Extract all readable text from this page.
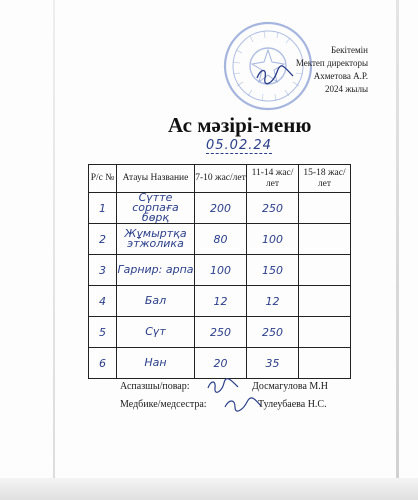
Бекітемін
Мектеп директоры
Ахметова А.Р.
2024 жылы
Ас мәзірі-меню
05.02.24
Р/с №	Атауы Название	7-10 жас/лет	11-14 жас/лет	15-18 жас/лет
1	Сүтте сорпаға бөрқ	200	250	
2	Жұмыртқа этжолика	80	100	
3	Гарнир: арпа	100	150	
4	Бал	12	12	
5	Сүт	250	250	
6	Нан	20	35	
Аспазшы/повар:	Досмагулова М.Н
Медбике/медсестра:	Тулеубаева Н.С.
